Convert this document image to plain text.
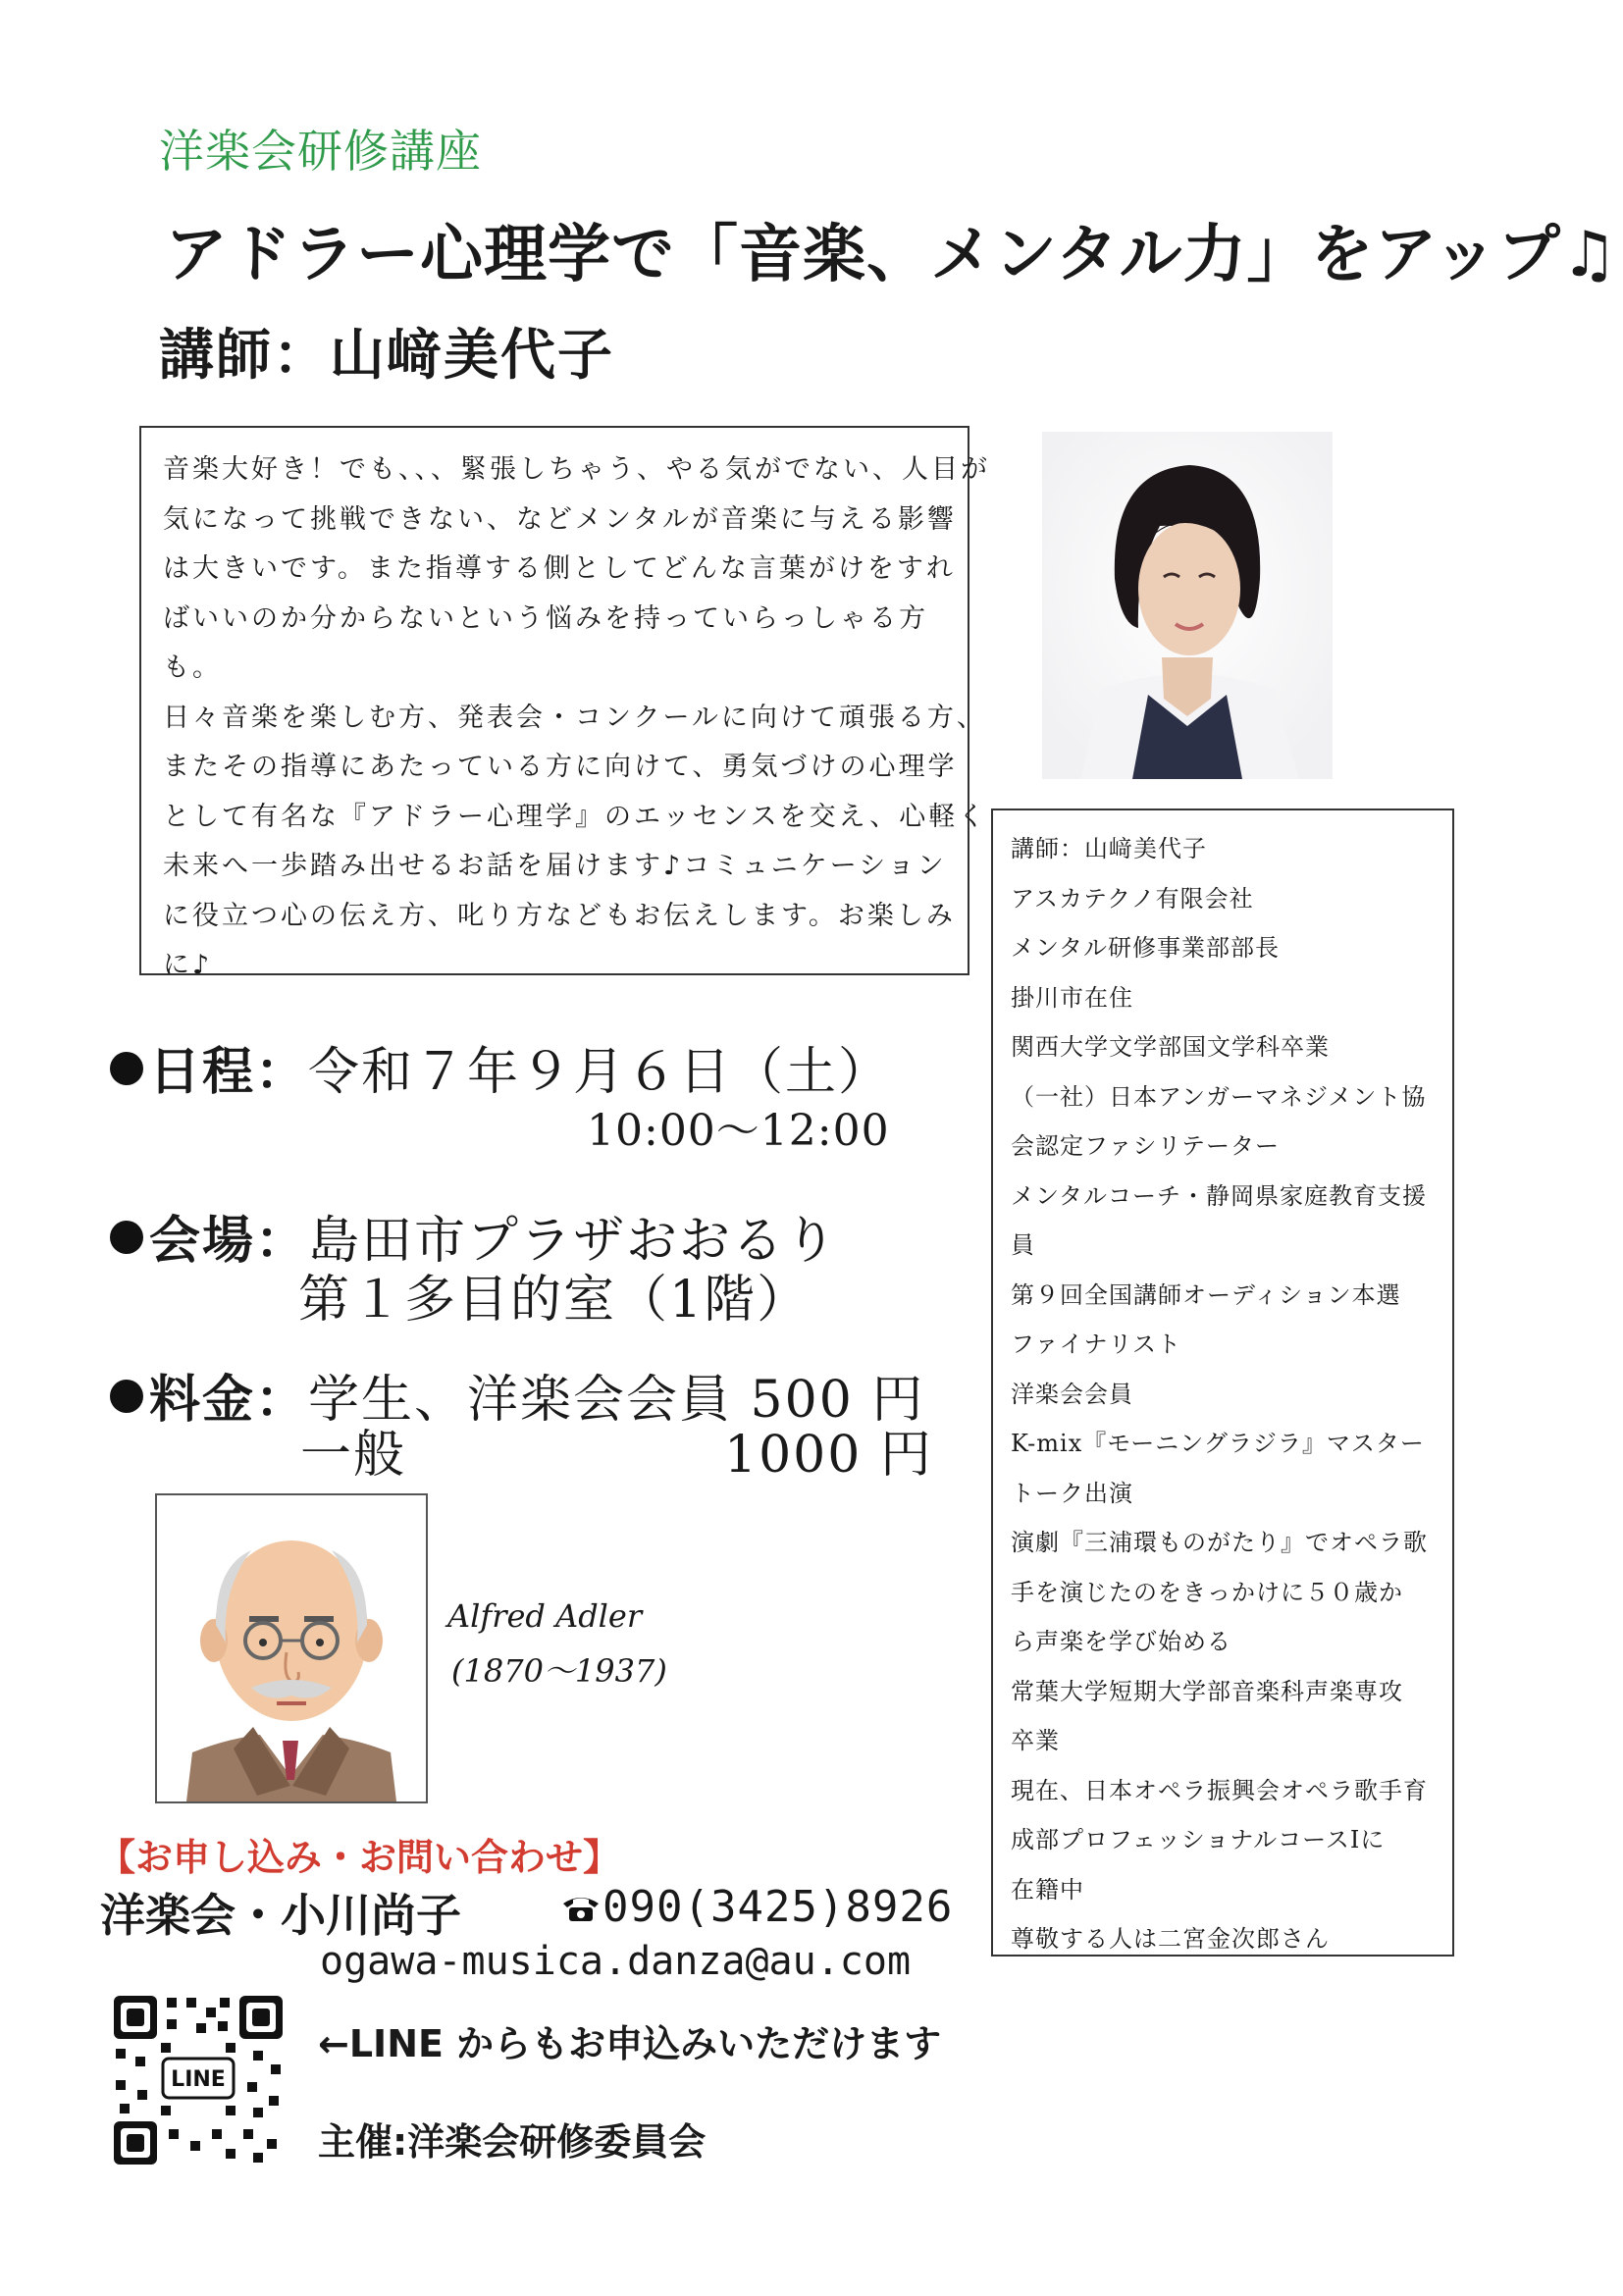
洋楽会研修講座
アドラー心理学で「音楽、メンタル力」をアップ♫
講師：山﨑美代子
音楽大好き！でも、、、緊張しちゃう、やる気がでない、人目が
気になって挑戦できない、などメンタルが音楽に与える影響
は大きいです。また指導する側としてどんな言葉がけをすれ
ばいいのか分からないという悩みを持っていらっしゃる方
も。
日々音楽を楽しむ方、発表会・コンクールに向けて頑張る方、
またその指導にあたっている方に向けて、勇気づけの心理学
として有名な『アドラー心理学』のエッセンスを交え、心軽く
未来へ一歩踏み出せるお話を届けます♪コミュニケーション
に役立つ心の伝え方、叱り方などもお伝えします。お楽しみ
に♪
講師：山﨑美代子
アスカテクノ有限会社
メンタル研修事業部部長
掛川市在住
関西大学文学部国文学科卒業
（一社）日本アンガーマネジメント協
会認定ファシリテーター
メンタルコーチ・静岡県家庭教育支援
員
第９回全国講師オーディション本選
ファイナリスト
洋楽会会員
K-mix『モーニングラジラ』マスター
トーク出演
演劇『三浦環ものがたり』でオペラ歌
手を演じたのをきっかけに５０歳か
ら声楽を学び始める
常葉大学短期大学部音楽科声楽専攻
卒業
現在、日本オペラ振興会オペラ歌手育
成部プロフェッショナルコースⅠに
在籍中
尊敬する人は二宮金次郎さん
日程：令和７年９月６日（土）
10:00～12:00
会場：島田市プラザおおるり
第１多目的室（1階）
料金：学生、洋楽会会員 500 円
一般　　　　　　1000 円
Alfred Adler
(1870～1937)
【お申し込み・お問い合わせ】
洋楽会・小川尚子	090(3425)8926
ogawa-musica.danza@au.com
LINE
←LINE からもお申込みいただけます
主催:洋楽会研修委員会
